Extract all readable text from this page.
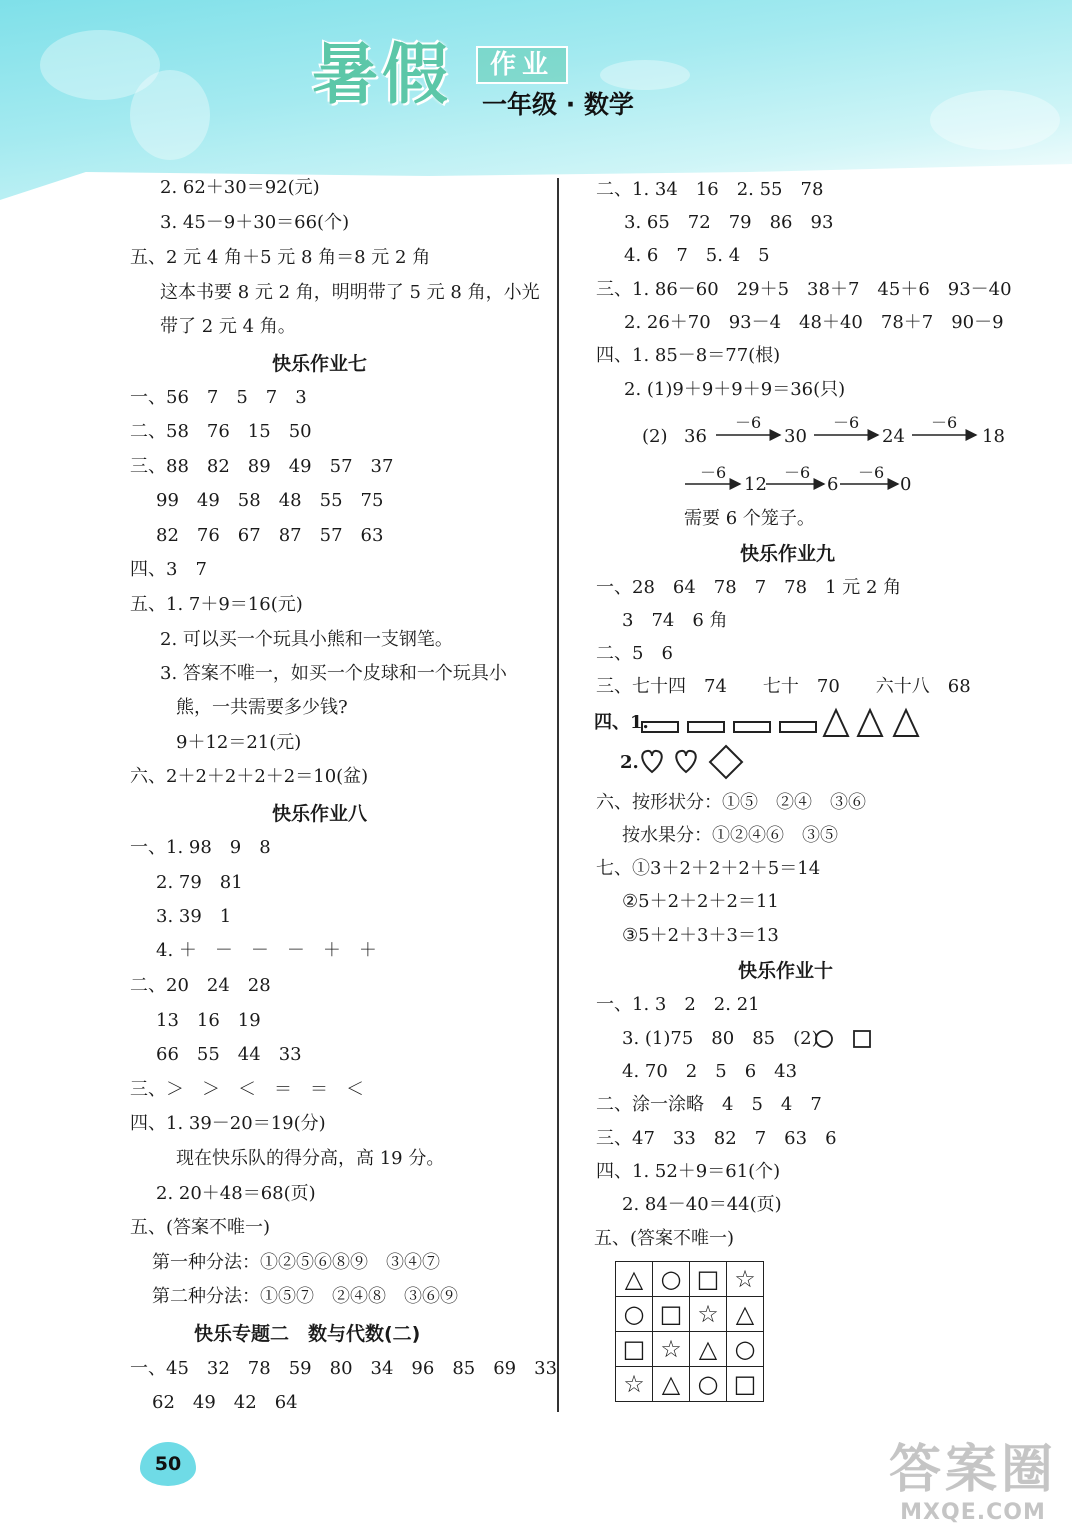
暑假	作业
一年级 · 数学
(2) 36	30	24	18
－6	－6	－6
12	6	0
－6	－6	－6
四、1.
2.
△	○	□	☆
○	□	☆	△
□	☆	△	○
☆	△	○	□
50	答案圈
MXQE.COM
2. 62＋30＝92(元)
3. 45－9＋30＝66(个)
五、2 元 4 角＋5 元 8 角＝8 元 2 角
这本书要 8 元 2 角，明明带了 5 元 8 角，小光
带了 2 元 4 角。
快乐作业七
一、56　7　5　7　3
二、58　76　15　50
三、88　82　89　49　57　37
99　49　58　48　55　75
82　76　67　87　57　63
四、3　7
五、1. 7＋9＝16(元)
2. 可以买一个玩具小熊和一支钢笔。
3. 答案不唯一，如买一个皮球和一个玩具小
熊，一共需要多少钱?
9＋12＝21(元)
六、2＋2＋2＋2＋2＝10(盆)
快乐作业八
一、1. 98　9　8
2. 79　81
3. 39　1
4. ＋　－　－　－　＋　＋
二、20　24　28
13　16　19
66　55　44　33
三、＞　＞　＜　＝　＝　＜
四、1. 39－20＝19(分)
现在快乐队的得分高，高 19 分。
2. 20＋48＝68(页)
五、(答案不唯一)
第一种分法：①②⑤⑥⑧⑨　③④⑦
第二种分法：①⑤⑦　②④⑧　③⑥⑨
快乐专题二　数与代数(二)
一、45　32　78　59　80　34　96　85　69　33
62　49　42　64
二、1. 34　16　2. 55　78
3. 65　72　79　86　93
4. 6　7　5. 4　5
三、1. 86－60　29＋5　38＋7　45＋6　93－40
2. 26＋70　93－4　48＋40　78＋7　90－9
四、1. 85－8＝77(根)
2. (1)9＋9＋9＋9＝36(只)
需要 6 个笼子。
快乐作业九
一、28　64　78　7　78　1 元 2 角
3　74　6 角
二、5　6
三、七十四　74　　七十　70　　六十八　68
六、按形状分：①⑤　②④　③⑥
按水果分：①②④⑥　③⑤
七、①3＋2＋2＋2＋5＝14
②5＋2＋2＋2＝11
③5＋2＋3＋3＝13
快乐作业十
一、1. 3　2　2. 21
3. (1)75　80　85　(2)
4. 70　2　5　6　43
二、涂一涂略　4　5　4　7
三、47　33　82　7　63　6
四、1. 52＋9＝61(个)
2. 84－40＝44(页)
五、(答案不唯一)
